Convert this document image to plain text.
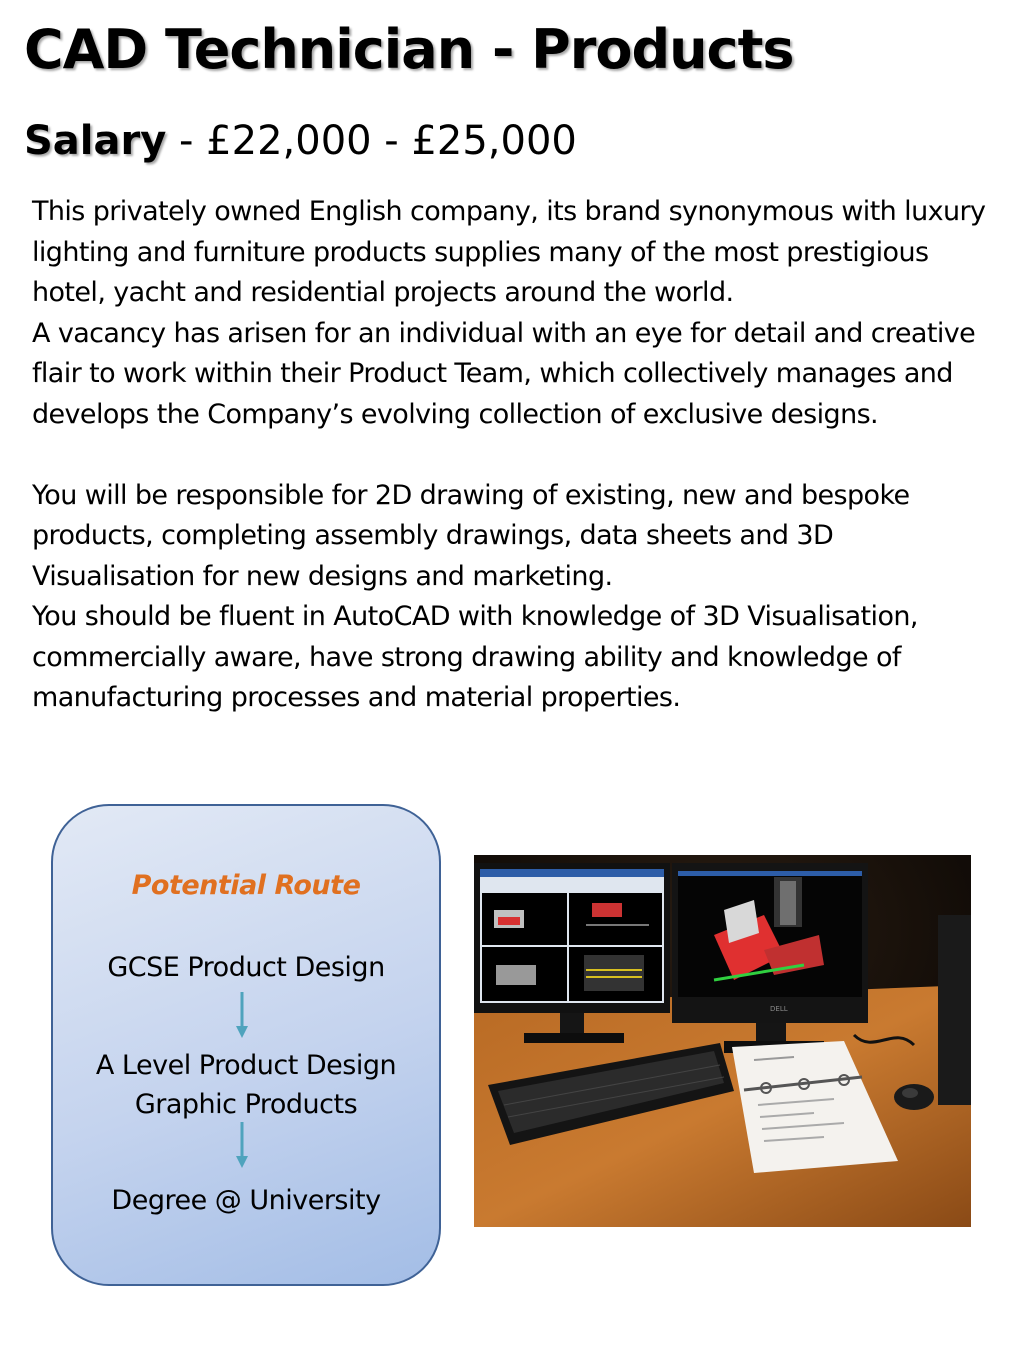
CAD Technician - Products
Salary - £22,000 - £25,000

This privately owned English company, its brand synonymous with luxury lighting and furniture products supplies many of the most prestigious hotel, yacht and residential projects around the world.

A vacancy has arisen for an individual with an eye for detail and creative flair to work within their Product Team, which collectively manages and develops the Company’s evolving collection of exclusive designs.

You will be responsible for 2D drawing of existing, new and bespoke products, completing assembly drawings, data sheets and 3D Visualisation for new designs and marketing.

You should be fluent in AutoCAD with knowledge of 3D Visualisation, commercially aware, have strong drawing ability and knowledge of manufacturing processes and material properties.

Potential Route
GCSE Product Design
A Level Product Design
Graphic Products
Degree @ University
DELL
